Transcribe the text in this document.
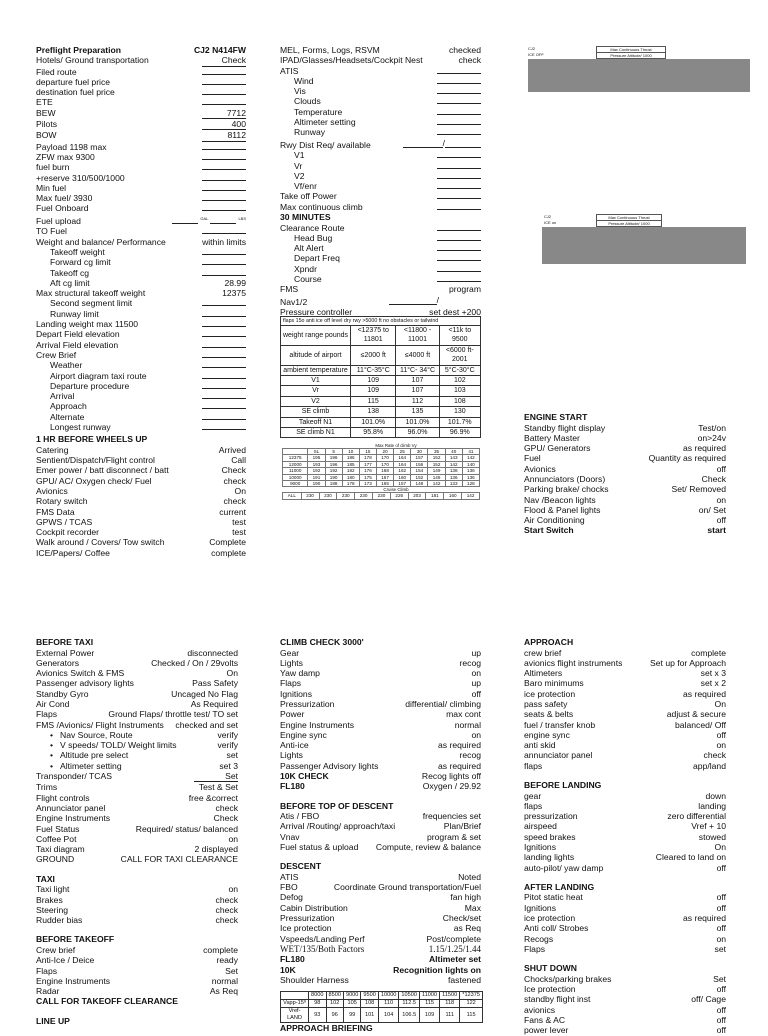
Preflight Preparation	CJ2 N414FW
Hotels/ Ground transportation	Check
Filed route
departure fuel price
destination fuel price
ETE
BEW	7712
Pilots	400
BOW	8112
Payload 1198 max
ZFW max 9300
fuel burn
+reserve 310/500/1000
Min fuel
Max fuel/ 3930
Fuel Onboard
Fuel upload	GAL	LBS
TO Fuel
Weight and balance/ Performance	within limits
Takeoff weight
Forward cg limit
Takeoff cg
Aft cg limit	28.99
Max structural takeoff weight	12375
Second segment limit
Runway limit
Landing weight max 11500
Depart Field elevation
Arrival Field elevation
Crew Brief
Weather
Airport diagram taxi route
Departure procedure
Arrival
Approach
Alternate
Longest runway
1 HR BEFORE WHEELS UP
Catering	Arrived
Sentient/Dispatch/Flight control	Call
Emer power / batt disconnect / batt	Check
GPU/ AC/ Oxygen check/ Fuel	check
Avionics	On
Rotary switch	check
FMS Data	current
GPWS / TCAS	test
Cockpit recorder	test
Walk around / Covers/ Tow switch	Complete
ICE/Papers/ Coffee	complete
MEL, Forms, Logs, RSVM	checked
IPAD/Glasses/Headsets/Cockpit Nest	check
ATIS
Wind
Vis
Clouds
Temperature
Altimeter setting
Runway
Rwy Dist Req/ available	/
V1
Vr
V2
Vf/enr
Take off Power
Max continuous climb
30 MINUTES
Clearance Route
Head Bug
Alt Alert
Depart Freq
Xpndr
Course
FMS	program
Nav1/2	/
Pressure controller	set dest +200
flaps 15o anti ice off level dry rwy >5000 ft no obstacles or tailwind
weight range pounds	<12375 to 11801	<11800 - 11001	<11k to 9500
altitude of airport	≤2000 ft	≤4000 ft	<6000 ft- 2001
ambient temperature	11°C-35°C	11°C- 34°C	5°C-30°C
V1	109	107	102
Vr	109	107	103
V2	115	112	108
SE climb	138	135	130
Takeoff N1	101.0%	101.0%	101.7%
SE climb N1	95.8%	96.0%	96.9%
Max Rate of climb Vy
	SL	5	10	15	20	25	30	35	40	41
12375	195	196	186	178	170	164	157	152	143	142
12000	193	196	185	177	170	164	156	152	142	140
11000	192	192	182	176	168	162	154	149	138	136
10000	191	190	180	175	167	160	152	146	136	136
9000	190	188	178	173	165	157	148	142	133	128
Cruise Climb
ALL	230	230	230	230	230	226	203	181	160	142
CJ2
ICE OFF
Max Continuous Thrust
Pressure Altitude/ 1000

CJ2
ICE on
Max Continuous Thrust
Pressure Altitude/ 1000

ENGINE START
Standby flight display	Test/on
Battery Master	on>24v
GPU/ Generators	as required
Fuel	Quantity as required
Avionics	off
Annunciators (Doors)	Check
Parking brake/ chocks	Set/ Removed
Nav /Beacon lights	on
Flood & Panel lights	on/ Set
Air Conditioning	off
Start Switch	start
BEFORE TAXI
External Power	disconnected
Generators	Checked / On / 29volts
Avionics Switch & FMS	On
Passenger advisory lights	Pass Safety
Standby Gyro	Uncaged No Flag
Air Cond	As Required
Flaps	Ground Flaps/ throttle test/ TO set
FMS /Avionics/ Flight Instruments checked and set
• Nav Source, Route	verify
• V speeds/ TOLD/ Weight limits	verify
• Altitude pre select	set
• Altimeter setting	set 3
Transponder/ TCAS	Set
Trims	Test & Set
Flight controls	free &correct
Annunciator panel	check
Engine Instruments	Check
Fuel Status	Required/ status/ balanced
Coffee Pot	on
Taxi diagram	2 displayed
GROUND	CALL FOR TAXI CLEARANCE
TAXI
Taxi light	on
Brakes	check
Steering	check
Rudder bias	check
BEFORE TAKEOFF
Crew brief	complete
Anti-Ice / Deice	ready
Flaps	Set
Engine Instruments	normal
Radar	As Req
CALL FOR TAKEOFF CLEARANCE
LINE UP
CLIMB CHECK 3000'
Gear	up
Lights	recog
Yaw damp	on
Flaps	up
Ignitions	off
Pressurization	differential/ climbing
Power	max cont
Engine Instruments	normal
Engine sync	on
Anti-ice	as required
Lights	recog
Passenger Advisory lights	as required
10K CHECK	Recog lights off
FL180	Oxygen / 29.92
BEFORE TOP OF DESCENT
Atis / FBO	frequencies set
Arrival /Routing/ approach/taxi	Plan/Brief
Vnav	program & set
Fuel status & upload Compute, review & balance
DESCENT
ATIS	Noted
FBO	Coordinate Ground transportation/Fuel
Defog	fan high
Cabin Distribution	Max
Pressurization	Check/set
Ice protection	as Req
Vspeeds/Landing Perf	Post/complete
WET/135/Both Factors	1.15/1.25/1.44
FL180	Altimeter set
10K	Recognition lights on
Shoulder Harness	fastened
	8000	8500	9000	9500	10000	10500	11000	11500	*12375
Vapp-15º	98	102	105	108	110	112.5	115	118	122
Vref-LAND	93	96	99	101	104	106.5	109	111	115
APPROACH BRIEFING
APPROACH
crew brief	complete
avionics flight instruments	Set up for Approach
Altimeters	set x 3
Baro minimums	set x 2
ice protection	as required
pass safety	On
seats & belts	adjust & secure
fuel / transfer knob	balanced/ Off
engine sync	off
anti skid	on
annunciator panel	check
flaps	app/land
BEFORE LANDING
gear	down
flaps	landing
pressurization	zero differential
airspeed	Vref + 10
speed brakes	stowed
Ignitions	On
landing lights	Cleared to land on
auto-pilot/ yaw damp	off
AFTER LANDING
Pitot static heat	off
Ignitions	off
ice protection	as required
Anti coll/ Strobes	off
Recogs	on
Flaps	set
SHUT DOWN
Chocks/parking brakes	Set
Ice protection	off
standby flight inst	off/ Cage
avionics	off
Fans & AC	off
power lever	off
